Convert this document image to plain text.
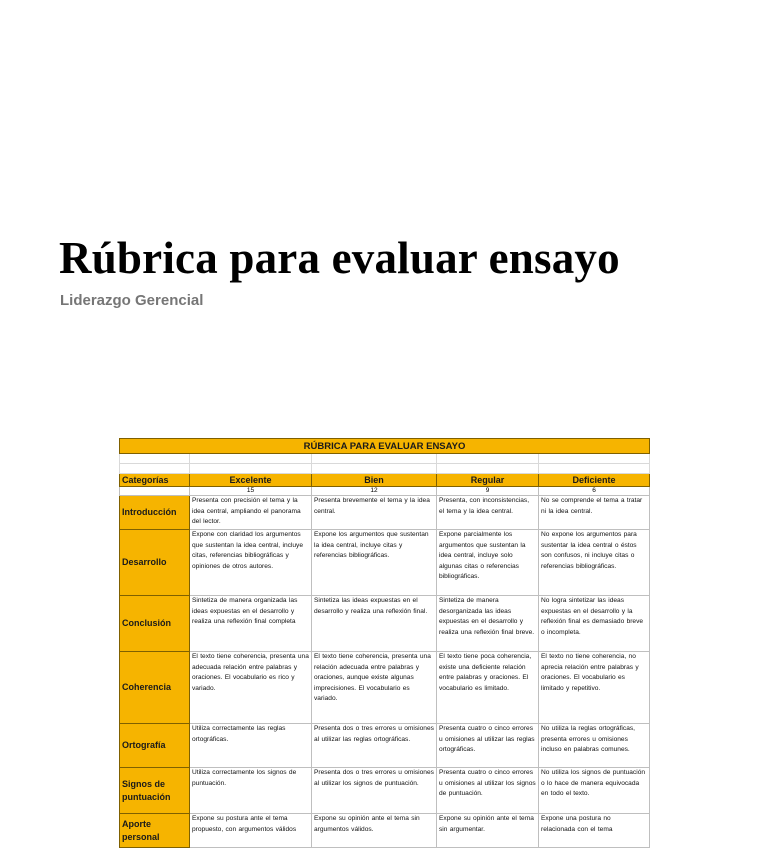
Rúbrica para evaluar ensayo

Liderazgo Gerencial

RÚBRICA PARA EVALUAR ENSAYO				

Categorías	Excelente	Bien	Regular	Deficiente
	15	12	9	6
Introducción	Presenta con precisión el tema y la idea central, ampliando el panorama del lector.	Presenta brevemente el tema y la idea central.	Presenta, con inconsistencias, el tema y la idea central.	No se comprende el tema a tratar ni la idea central.
Desarrollo	Expone con claridad los argumentos que sustentan la idea central, incluye citas, referencias bibliográficas y opiniones de otros autores.	Expone los argumentos que sustentan la idea central, incluye citas y referencias bibliográficas.	Expone parcialmente los argumentos que sustentan la idea central, incluye solo algunas citas o referencias bibliográficas.	No expone los argumentos para sustentar la idea central o éstos son confusos, ni incluye citas o referencias bibliográficas.
Conclusión	Sintetiza de manera organizada las ideas expuestas en el desarrollo y realiza una reflexión final completa	Sintetiza las ideas expuestas en el desarrollo y realiza una reflexión final.	Sintetiza de manera desorganizada las ideas expuestas en el desarrollo y realiza una reflexión final breve.	No logra sintetizar las ideas expuestas en el desarrollo y la reflexión final es demasiado breve o incompleta.
Coherencia	El texto tiene coherencia, presenta una adecuada relación entre palabras y oraciones. El vocabulario es rico y variado.	El texto tiene coherencia, presenta una relación adecuada entre palabras y oraciones, aunque existe algunas imprecisiones. El vocabulario es variado.	El texto tiene poca coherencia, existe una deficiente relación entre palabras y oraciones. El vocabulario es limitado.	El texto no tiene coherencia, no aprecia relación entre palabras y oraciones. El vocabulario es limitado y repetitivo.
Ortografía	Utiliza correctamente las reglas ortográficas.	Presenta dos o tres errores u omisiones al utilizar las reglas ortográficas.	Presenta cuatro o cinco errores u omisiones al utilizar las reglas ortográficas.	No utiliza la reglas ortográficas, presenta errores u omisiones incluso en palabras comunes.
Signos de puntuación	Utiliza correctamente los signos de puntuación.	Presenta dos o tres errores u omisiones al utilizar los signos de puntuación.	Presenta cuatro o cinco errores u omisiones al utilizar los signos de puntuación.	No utiliza los signos de puntuación o lo hace de manera equivocada en todo el texto.
Aporte personal	Expone su postura ante el tema propuesto, con argumentos válidos	Expone su opinión ante el tema sin argumentos válidos.	Expone su opinión ante el tema sin argumentar.	Expone una postura no relacionada con el tema
